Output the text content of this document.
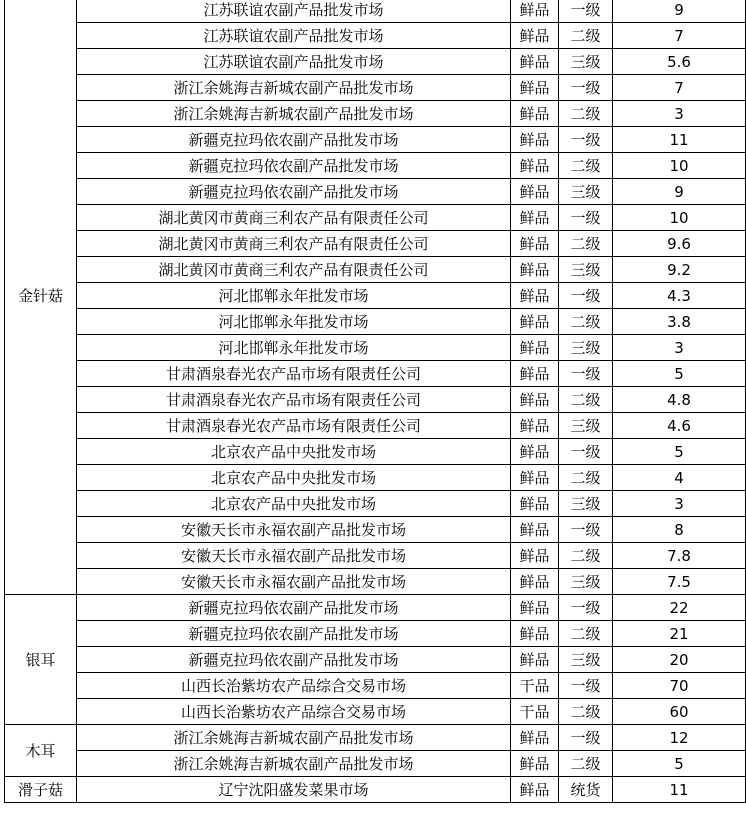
金针菇	江苏联谊农副产品批发市场	鲜品	一级	9
	江苏联谊农副产品批发市场	鲜品	二级	7
	江苏联谊农副产品批发市场	鲜品	三级	5.6
	浙江余姚海吉新城农副产品批发市场	鲜品	一级	7
	浙江余姚海吉新城农副产品批发市场	鲜品	二级	3
	新疆克拉玛依农副产品批发市场	鲜品	一级	11
	新疆克拉玛依农副产品批发市场	鲜品	二级	10
	新疆克拉玛依农副产品批发市场	鲜品	三级	9
	湖北黄冈市黄商三利农产品有限责任公司	鲜品	一级	10
	湖北黄冈市黄商三利农产品有限责任公司	鲜品	二级	9.6
	湖北黄冈市黄商三利农产品有限责任公司	鲜品	三级	9.2
	河北邯郸永年批发市场	鲜品	一级	4.3
	河北邯郸永年批发市场	鲜品	二级	3.8
	河北邯郸永年批发市场	鲜品	三级	3
	甘肃酒泉春光农产品市场有限责任公司	鲜品	一级	5
	甘肃酒泉春光农产品市场有限责任公司	鲜品	二级	4.8
	甘肃酒泉春光农产品市场有限责任公司	鲜品	三级	4.6
	北京农产品中央批发市场	鲜品	一级	5
	北京农产品中央批发市场	鲜品	二级	4
	北京农产品中央批发市场	鲜品	三级	3
	安徽天长市永福农副产品批发市场	鲜品	一级	8
	安徽天长市永福农副产品批发市场	鲜品	二级	7.8
	安徽天长市永福农副产品批发市场	鲜品	三级	7.5
银耳	新疆克拉玛依农副产品批发市场	鲜品	一级	22
	新疆克拉玛依农副产品批发市场	鲜品	二级	21
	新疆克拉玛依农副产品批发市场	鲜品	三级	20
	山西长治紫坊农产品综合交易市场	干品	一级	70
	山西长治紫坊农产品综合交易市场	干品	二级	60
木耳	浙江余姚海吉新城农副产品批发市场	鲜品	一级	12
	浙江余姚海吉新城农副产品批发市场	鲜品	二级	5
滑子菇	辽宁沈阳盛发菜果市场	鲜品	统货	11
